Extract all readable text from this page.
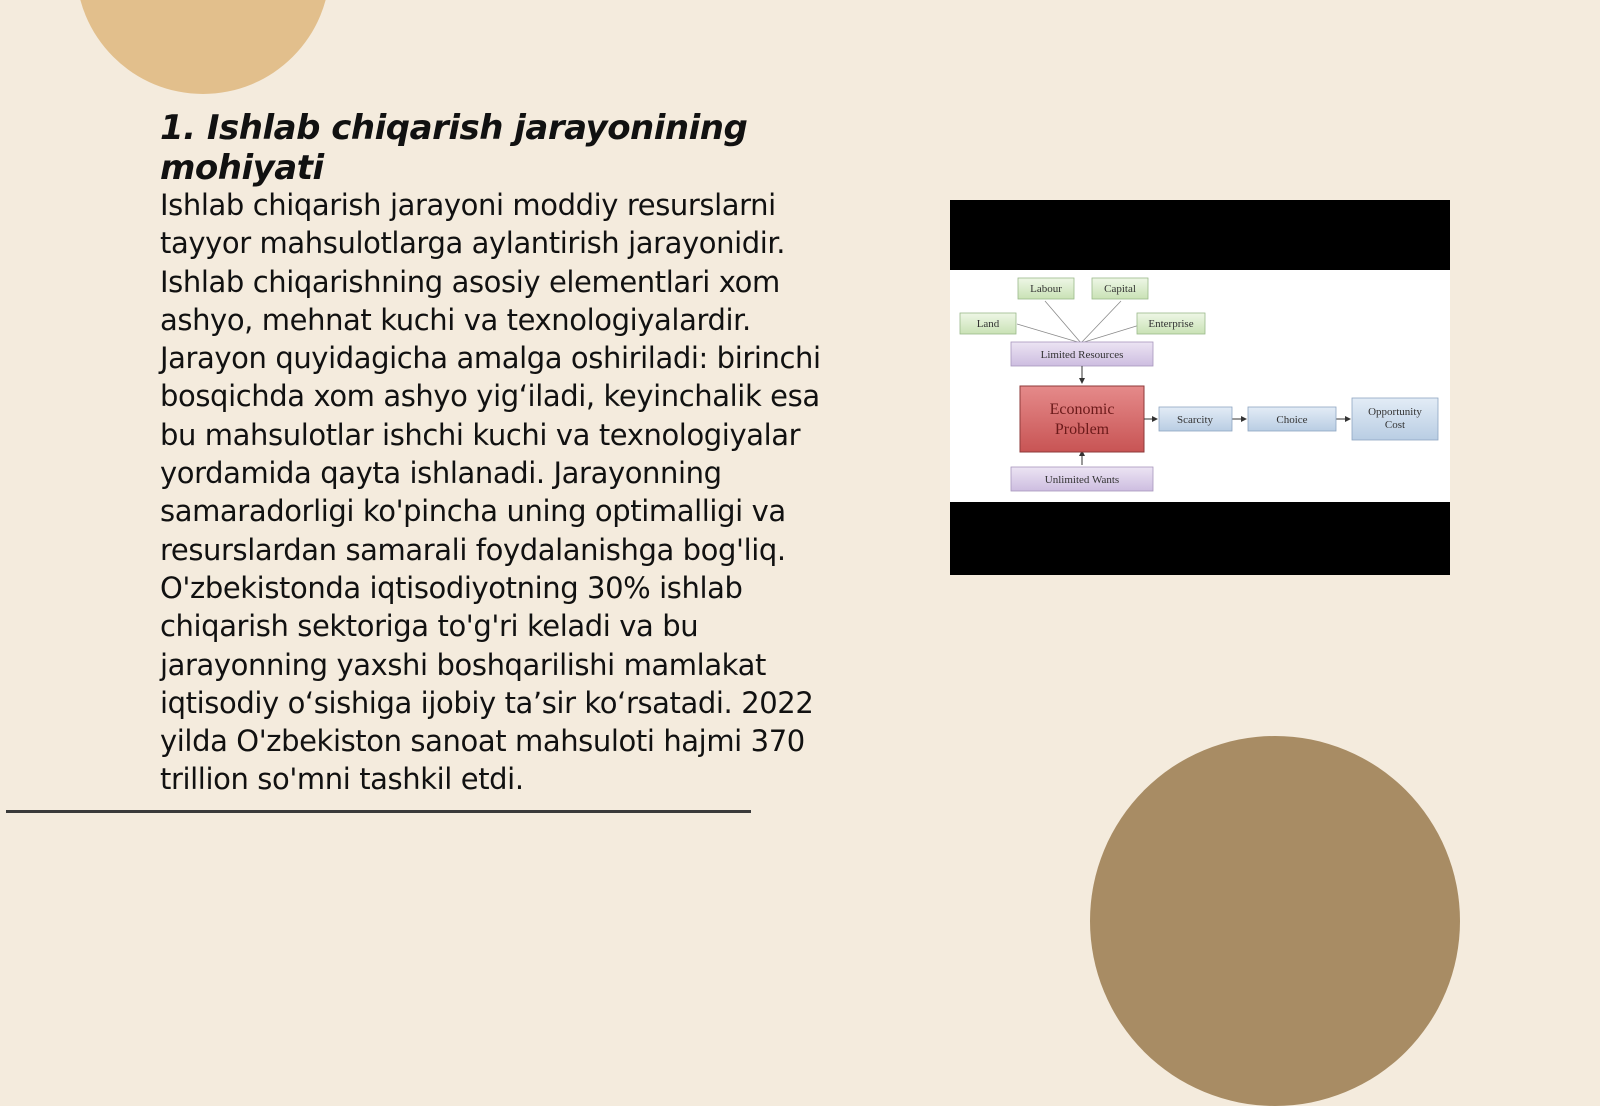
1. Ishlab chiqarish jarayonining mohiyati
Ishlab chiqarish jarayoni moddiy resurslarni tayyor mahsulotlarga aylantirish jarayonidir. Ishlab chiqarishning asosiy elementlari xom ashyo, mehnat kuchi va texnologiyalardir. Jarayon quyidagicha amalga oshiriladi: birinchi bosqichda xom ashyo yig‘iladi, keyinchalik esa bu mahsulotlar ishchi kuchi va texnologiyalar yordamida qayta ishlanadi. Jarayonning samaradorligi ko'pincha uning optimalligi va resurslardan samarali foydalanishga bog'liq. O'zbekistonda iqtisodiyotning 30% ishlab chiqarish sektoriga to'g'ri keladi va bu jarayonning yaxshi boshqarilishi mamlakat iqtisodiy o‘sishiga ijobiy ta’sir ko‘rsatadi. 2022 yilda O'zbekiston sanoat mahsuloti hajmi 370 trillion so'mni tashkil etdi.
Labour	Capital
Land	Enterprise
Limited Resources
Economic
Problem
Scarcity	Choice
Opportunity
Cost
Unlimited Wants
